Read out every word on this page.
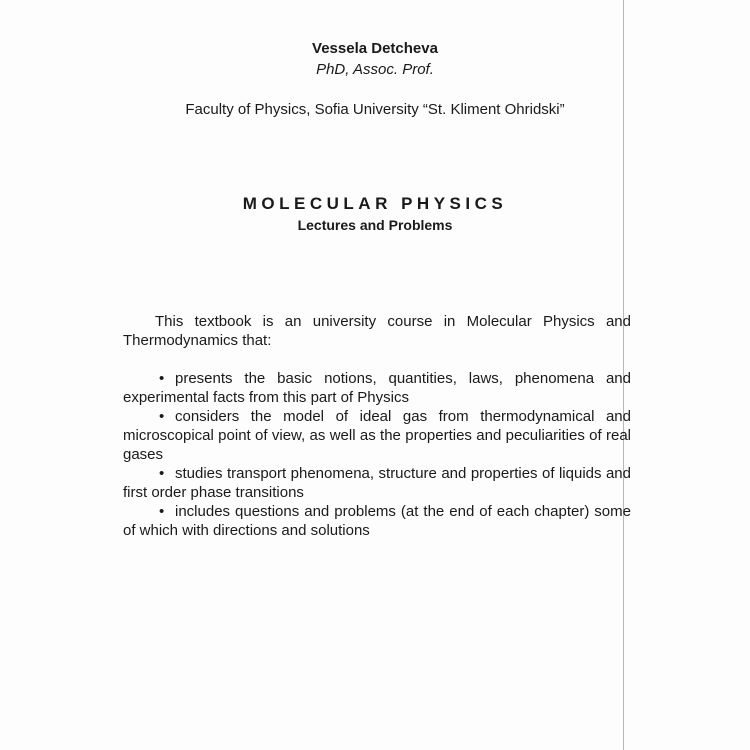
Vessela Detcheva
PhD, Assoc. Prof.
Faculty of Physics, Sofia University “St. Kliment Ohridski”
MOLECULAR PHYSICS
Lectures and Problems
This textbook is an university course in Molecular Physics and Thermodynamics that:

• presents the basic notions, quantities, laws, phenomena and experimental facts from this part of Physics

• considers the model of ideal gas from thermodynamical and microscopical point of view, as well as the properties and peculiarities of real gases

• studies transport phenomena, structure and properties of liquids and first order phase transitions

• includes questions and problems (at the end of each chapter) some of which with directions and solutions
